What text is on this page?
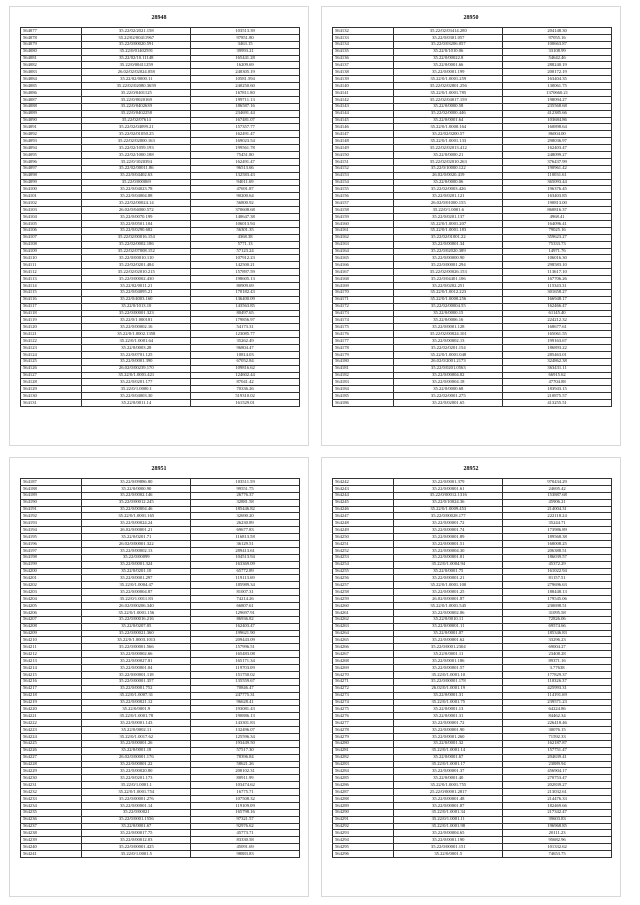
28948
564077	35.22/02/2021.158	103513.39
564078	35.22/02/00411967	97851.80
564079	35.22/0/00020.591	3463.15
564080	35.22/0/01402591	39993.21
564081	35.22/02/10.11148	165441.28
564082	35.22/0/00411259	16209.69
564083	26.02/02/02024.058	240305.19
564084	35.22/02/0000.11	10581.594
564085	35.22/02/02080.3659	240250.60
564086	35.22/0/0401125	167811.80
564087	35.22/0/0020169	199711.13
564088	35.22/0/0402639	186587.16
564089	35.22/0/0402258	234691.44
564090	35.22/02/07614	167481.07
564091	35.22/02/04099.21	157357.77
564092	35.22/02/01050.25	162491.47
564093	35.22/02/02000.163	169023.54
564094	35.22/02/1059.193	199561.78
564095	35.22/02/1000.188	75451.80
564096	35.22/0/1020394	162491.47
564097	35.22/02/00011.86	96513.66
564098	35.22/0/04402.63	132583.43
564099	35.22/0/000069	94011.69
564100	35.22/0/04023.78	47691.87
564101	35.22/0/04004.88	90200.64
564102	35.22/02/00024.14	56800.92
564103	26.02/0/04000.572	370608.68
564104	35.22/0/0070.199	140647.38
564105	35.22/0/0501.104	106013.94
564106	35.22/0/0290.682	56301.35
564107	35.22/02/00016.154	4368.38
564108	35.22/02/0002.186	5771.13
564109	35.22/02/07008.152	57123.24
564110	35.22/0/00010.110	107912.23
564111	35.22/02/0201.484	142500.21
564112	35.22/02/02010.215	157897.59
564113	35.22/0/00002.430	198605.13
564114	35.22/02/0011.21	80909.69
564115	35.22/0/04095.21	170182.43
564116	35.22/0/4003.160	136400.09
564117	35.22/0/1013.10	143563.85
564118	35.22/0/00001.323	80497.65
564119	35.22/0/1.000181	179856.97
564120	35.22/0/00002.16	54173.31
564121	35.22/0/1.0002.1358	123085.77
564122	35.22/0/1.0001.64	35262.49
564123	35.22/0/0003.28	96804.47
564124	35.22/0/0701.125	10814.03
564125	35.22/0/0001.390	67052.84
564126	26.02/0/00239.170	109816.62
564127	35.22/0/1.0001.421	124602.44
564128	35.22/0/0201.177	87041.42
564129	35.22/0/1.0000.1	70336.26
564130	35.22/0/04003.30	519310.02
564131	35.22/0/0011.14	161529.01
28950
564132	35.22/02/03414.280	204148.30
564133	35.22/0/0301.057	97055.16
564134	35.22/0/03206.057	100663.87
564135	35.22/0/1010.06	33108.99
564136	35.22/0/00022.8	54642.46
564137	35.22/0/0001.66	288240.19
564138	35.22/0/0001.199	200172.19
564139	35.22/0/1.0001.259	163404.35
564140	35.22/02/02801.256	130061.75
564141	35.22/0/1.0001.785	1370660.21
564142	35.22/02/04017.159	198094.27
564143	35.22/0/0000.58	235568.68
564144	35.22/02/0000.446	412385.66
564145	35.22/0/0001.64	103684.86
564146	35.22/0/1.0000.164	160898.64
564147	35.22/02/0200.57	86004.00
564148	35.22/0/1.0001.133	298036.97
564149	35.22/02/02013.412	162403.47
564150	35.22/0/0000.21	248099.27
564151	35.22/02/02010.263	376437.99
564152	35.22/0/10000.122	190961.42
564153	26.02/0/0020.419	110031.61
564154	35.22/0/0000.06	365093.44
564155	35.22/02/0003.426	196376.45
564156	35.22/0/0201.121	163403.85
564157	26.02/0/01000.155	190813.00
564158	35.22/0/1.0001.6	860816.37
564159	35.22/0/0201.137	4968.41
564160	35.22/0/1.0001.207	164096.41
564161	35.22/0/1.0001.183	79025.16
564162	35.22/02/01001.22	359623.27
564163	35.22/0/00001.34	75333.73
564164	35.22/0/02020.389	14971.76
564165	35.22/0/00000.90	106016.30
564166	35.22/0/00001.294	298583.10
564167	35.22/02/00026.153	113617.10
564168	35.22/0/04401.106	167706.26
564169	35.22/0/0202.251	115343.31
564170	35.22/0/1.0012.223	301658.27
564171	35.22/0/1.0000.256	166948.17
564172	35.22/02/00004.55	162466.47
564173	35.22/0/0000.15	61145.40
564174	35.22/0/0006.16	224212.32
564175	35.22/0/0001.128	168677.61
564176	35.22/02/00024.101	165061.55
564177	35.22/0/00002.13	199163.67
564178	35.22/02/0201.154	186893.22
564179	35.22/0/1.0001.048	285463.01
564180	26.02/0/2001.2173	324862.38
564181	35.22/0/0201.0563	363431.11
564182	35.22/0/00004.82	66915.62
564183	35.22/0/00004.18	47704.88
564184	35.22/0/0000.68	183943.15
564185	35.22/02/0001.275	210875.57
564186	35.22/0/02001.65	413255.51
28951
564187	35.22/0/09886.80	103511.59
564188	35.22/0/0000.90	99551.75
564189	35.22/0/0002.146	26776.37
564190	35.22/0/00012.245	32881.58
564191	35.22/0/00004.46	185446.82
564192	35.22/0/1.0001.165	32690.20
564193	35.22/0/00024.24	26230.89
564194	26.02/0/00001.21	69677.83
564195	35.22/0/0201.71	116813.58
564196	26.02/0/00001.322	36129.51
564197	35.22/0/00002.13	289413.61
564198	35.22/0/00099	104513.94
564199	35.22/0/0001.324	163369.09
564200	35.22/0/0201.10	65772.89
564201	35.22/0/0001.297	119113.69
564202	35.22/0/1.0004.47	185989.34
564203	35.22/0/00004.87	81007.31
564204	35.22/0/1.0011.83	74214.26
564205	26.02/0/00206.340	66807.61
564206	35.22/0/1.0001.156	129697.91
564207	35.22/0/00016.216	86936.82
564208	35.22/0/0207.05	162403.47
564209	35.22/0/00021.360	199621.90
564210	35.22/0/1.0003.1013	209443.09
564211	35.22/0/00001.566	157996.51
564212	35.22/0/00002.66	165483.08
564213	35.22/0/00027.81	165171.34
564214	35.22/0/00001.04	119703.09
564215	35.22/0/00001.118	151750.02
564216	35.22/0/00001.357	135559.67
564217	35.22/0/0001.752	70846.47
564218	35.22/0/1.0007.31	247775.31
564219	35.22/0/00021.12	96628.41
564220	35.22/0/0001.9	193081.43
564221	35.22/0/1.0001.78	190886.13
564222	35.22/0/0001.143	143301.83
564223	35.22/0/0002.11	132496.07
564224	35.22/0/1.0017.62	125596.34
564225	35.22/0/00001.26	193449.50
564226	35.22/0/0001.18	57517.30
564227	26.02/0/00001.176	78396.84
564228	35.22/0/00001.22	58621.26
564229	35.22/0/00020.80	208102.31
564230	35.22/0/0201.173	80911.99
564231	35.22/0/1.0001.1	103474.62
564232	35.22/0/1.0001.754	16775.71
564233	35.22/0/00001.276	107508.32
564234	35.22/0/00001.14	119109.09
564235	35.22/0/00021	165798.16
564236	35.22/0/0001.1556	97321.57
564237	35.22/0/0001.67	92976.62
564238	35.22/0/00017.75	45773.71
564239	35.22/0/00012.03	83330.58
564240	35.22/0/00001.425	45091.69
564241	35.22/0/1.0001.5	98883.83
28952
564242	35.22/0/0001.379	970434.29
564243	35.22/0/00001.61	24695.42
564244	35.22/0/00012.1316	153887.68
564245	35.22/0/10024.36	45906.21
564246	35.22/0/1.0009.453	214004.31
564247	35.22/0/00028.177	222118.24
564248	35.22/0/00001.72	35244.71
564249	35.22/0/00001.74	173986.89
564250	35.22/0/00001.89	189568.38
564251	35.22/0/00001.51	168008.25
564252	35.22/0/00004.30	206388.51
564253	35.22/0/00001.01	186039.57
564254	35.22/0/1.0004.94	45372.29
564255	35.22/0/0001.75	161022.94
564256	35.22/0/00001.21	81157.51
564257	35.22/0/1.0001.100	279696.63
564258	35.22/0/00001.25	188448.13
564259	26.02/0/00001.87	179545.06
564260	35.22/0/1.0001.545	230698.51
564261	35.22/0/00002.06	31095.58
564262	35.22/0/0010.11	72826.06
564263	35.22/0/00001.11	69574.66
564264	35.22/0/0001.07	185346.83
564265	35.22/0/00001.62	33296.23
564266	35.22/0/0001.2304	69004.27
564267	35.22/0/0001.11	23408.28
564268	35.22/0/0001.186	89371.16
564269	35.22/0/00001.57	3.77638
564270	35.22/0/1.0001.10	177829.37
564271	35.22/0/00001.178	110326.37
564272	26.02/0/1.0001.19	425993.31
564273	35.22/0/0001.31	114191.69
564274	35.22/0/1.0001.75	239571.23
564275	35.22/0/0001.13	64224.86
564276	35.22/0/0001.31	84462.34
564277	35.22/0/00001.72	226418.46
564278	35.22/0/00001.90	30076.15
564279	35.22/0/0001.260	71592.33
564280	35.22/0/0001.32	162187.87
564281	35.22/0/1.0001.14	157751.47
564282	35.22/0/0001.67	204639.41
564283	35.22/0/1.0001.17	23889.94
564284	35.22/0/00001.37	456904.17
564285	35.22/0/0001.40	270753.47
564286	35.22/0/1.0001.755	202839.27
564287	25.22/0/00001.2817	213032.61
564288	35.22/0/00001.48	214476.33
564289	35.22/0/00001.87	182469.66
564290	35.22/0/1.0001.34	217342.47
564291	35.22/0/1.0001.11	39603.83
564292	35.22/0/1.0001.98	196968.85
564293	35.22/0/00004.65	20111.23
564294	35.22/0/0001.190	95682.96
564295	35.22/0/00001.151	101332.62
564296	35.22/0/0001.5	74653.75
